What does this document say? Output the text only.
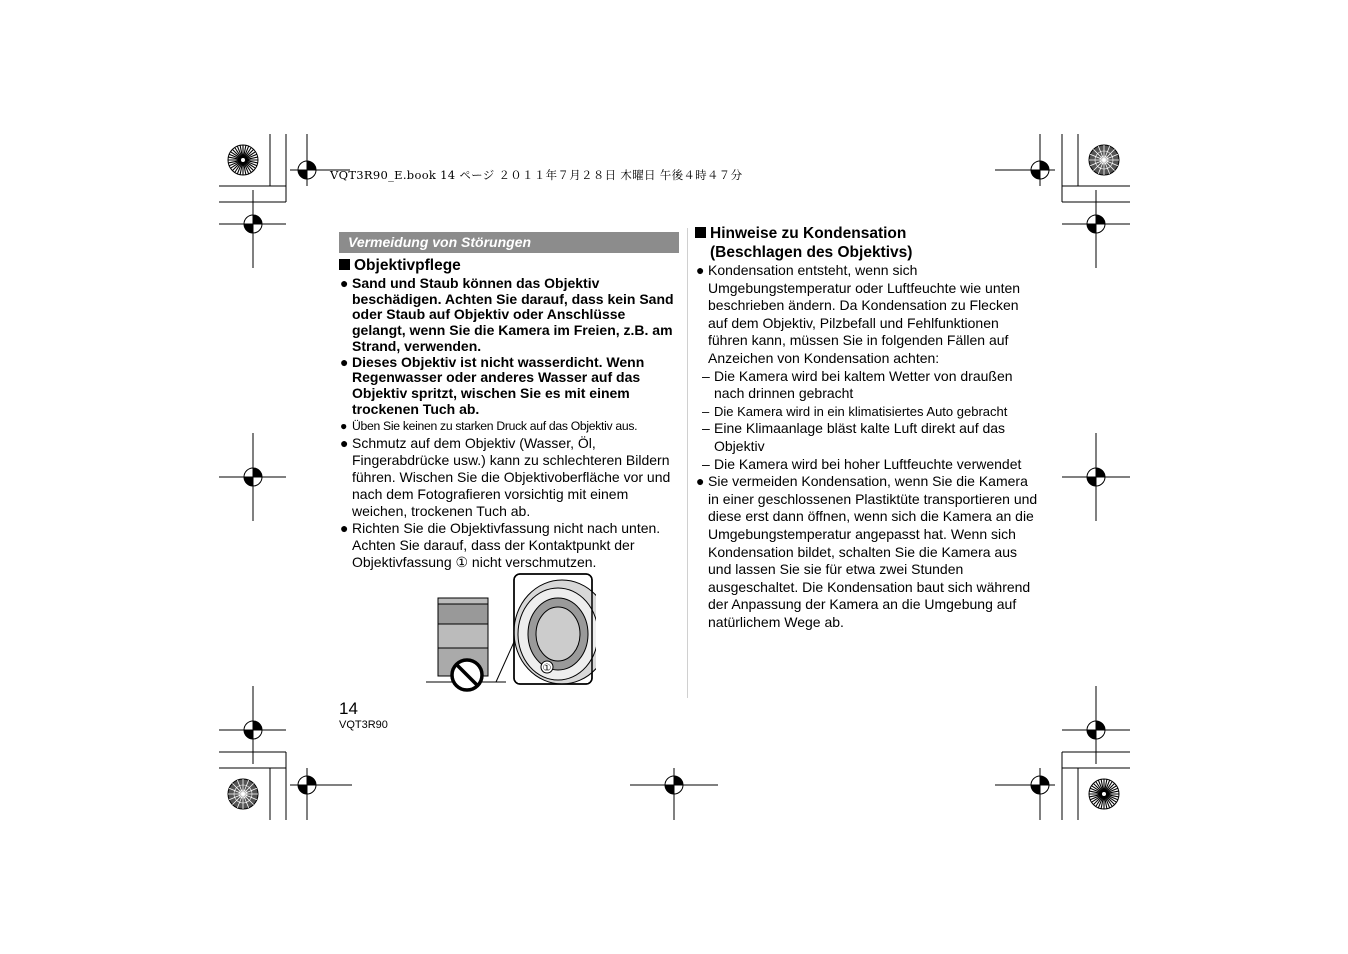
VQT3R90_E.book 14 ページ ２０１１年７月２８日 木曜日 午後４時４７分
Vermeidung von Störungen
Objektivpflege
● Sand und Staub können das Objektiv beschädigen. Achten Sie darauf, dass kein Sand oder Staub auf Objektiv oder Anschlüsse gelangt, wenn Sie die Kamera im Freien, z.B. am Strand, verwenden.
● Dieses Objektiv ist nicht wasserdicht. Wenn Regenwasser oder anderes Wasser auf das Objektiv spritzt, wischen Sie es mit einem trockenen Tuch ab.
● Üben Sie keinen zu starken Druck auf das Objektiv aus.
● Schmutz auf dem Objektiv (Wasser, Öl, Fingerabdrücke usw.) kann zu schlechteren Bildern führen. Wischen Sie die Objektivoberfläche vor und nach dem Fotografieren vorsichtig mit einem weichen, trockenen Tuch ab.
● Richten Sie die Objektivfassung nicht nach unten. Achten Sie darauf, dass der Kontaktpunkt der Objektivfassung ① nicht verschmutzen.
①
Hinweise zu Kondensation
(Beschlagen des Objektivs)
● Kondensation entsteht, wenn sich Umgebungstemperatur oder Luftfeuchte wie unten beschrieben ändern. Da Kondensation zu Flecken auf dem Objektiv, Pilzbefall und Fehlfunktionen führen kann, müssen Sie in folgenden Fällen auf Anzeichen von Kondensation achten:
– Die Kamera wird bei kaltem Wetter von draußen nach drinnen gebracht
– Die Kamera wird in ein klimatisiertes Auto gebracht
– Eine Klimaanlage bläst kalte Luft direkt auf das Objektiv
– Die Kamera wird bei hoher Luftfeuchte verwendet
● Sie vermeiden Kondensation, wenn Sie die Kamera in einer geschlossenen Plastiktüte transportieren und diese erst dann öffnen, wenn sich die Kamera an die Umgebungstemperatur angepasst hat. Wenn sich Kondensation bildet, schalten Sie die Kamera aus und lassen Sie sie für etwa zwei Stunden ausgeschaltet. Die Kondensation baut sich während der Anpassung der Kamera an die Umgebung auf natürlichem Wege ab.
14
VQT3R90
